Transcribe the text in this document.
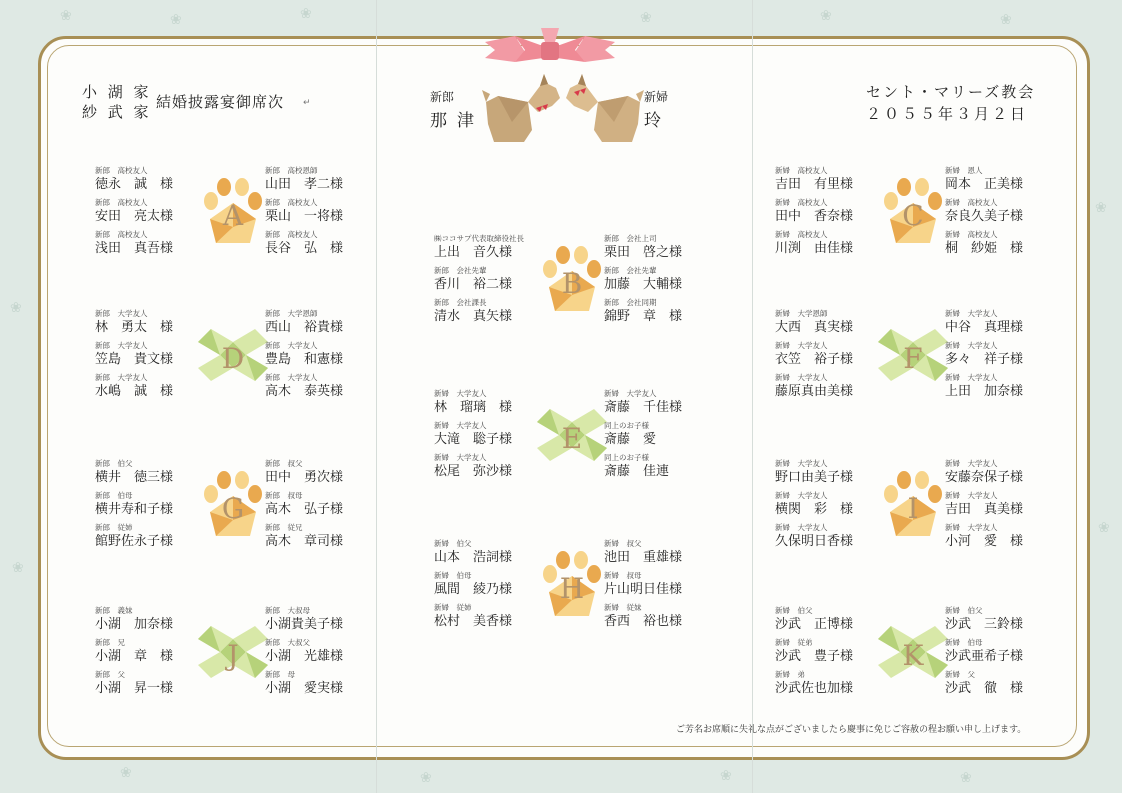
❀	❀	❀	❀	❀	❀
❀
❀
❀
❀
❀	❀	❀	❀
小 湖 家
紗 武 家
結婚披露宴御席次 ↵
セント・マリーズ教会
２０５５年３月２日
新郎
那津
新婦
玲
A
新郎　高校友人
徳永　誠　様
新郎　高校友人
安田　亮太様
新郎　高校友人
浅田　真吾様
新郎　高校恩師
山田　孝二様
新郎　高校友人
栗山　一将様
新郎　高校友人
長谷　弘　様
B
㈱ココサプ代表取締役社長
上出　音久様
新郎　会社先輩
香川　裕二様
新郎　会社課長
清水　真矢様
新郎　会社上司
栗田　啓之様
新郎　会社先輩
加藤　大輔様
新郎　会社同期
錦野　章　様
C
新婦　高校友人
吉田　有里様
新婦　高校友人
田中　香奈様
新婦　高校友人
川渕　由佳様
新婦　恩人
岡本　正美様
新婦　高校友人
奈良久美子様
新婦　高校友人
桐　紗姫　様
D
新郎　大学友人
林　勇太　様
新郎　大学友人
笠島　貴文様
新郎　大学友人
水嶋　誠　様
新郎　大学恩師
西山　裕貴様
新郎　大学友人
豊島　和憲様
新郎　大学友人
高木　泰英様
E
新婦　大学友人
林　瑠璃　様
新婦　大学友人
大滝　聡子様
新婦　大学友人
松尾　弥沙様
新婦　大学友人
斎藤　千佳様
同上のお子様
斎藤　愛
同上のお子様
斎藤　佳連
F
新婦　大学恩師
大西　真実様
新婦　大学友人
衣笠　裕子様
新婦　大学友人
藤原真由美様
新婦　大学友人
中谷　真理様
新婦　大学友人
多々　祥子様
新婦　大学友人
上田　加奈様
G
新郎　伯父
横井　徳三様
新郎　伯母
横井寿和子様
新郎　従姉
館野佐永子様
新郎　叔父
田中　勇次様
新郎　叔母
高木　弘子様
新郎　従兄
高木　章司様
H
新婦　伯父
山本　浩詞様
新婦　伯母
風間　綾乃様
新婦　従姉
松村　美香様
新婦　叔父
池田　重雄様
新婦　叔母
片山明日佳様
新婦　従妹
香西　裕也様
I
新婦　大学友人
野口由美子様
新婦　大学友人
横関　彩　様
新婦　大学友人
久保明日香様
新婦　大学友人
安藤奈保子様
新婦　大学友人
吉田　真美様
新婦　大学友人
小河　愛　様
J
新郎　義妹
小湖　加奈様
新郎　兄
小湖　章　様
新郎　父
小湖　昇一様
新郎　大叔母
小湖貴美子様
新郎　大叔父
小湖　光雄様
新郎　母
小湖　愛実様
K
新婦　伯父
沙武　正博様
新婦　従弟
沙武　豊子様
新婦　弟
沙武佐也加様
新婦　伯父
沙武　三鈴様
新婦　伯母
沙武亜希子様
新婦　父
沙武　徹　様
ご芳名お席順に失礼な点がございましたら慶事に免じご容赦の程お願い申し上げます。
